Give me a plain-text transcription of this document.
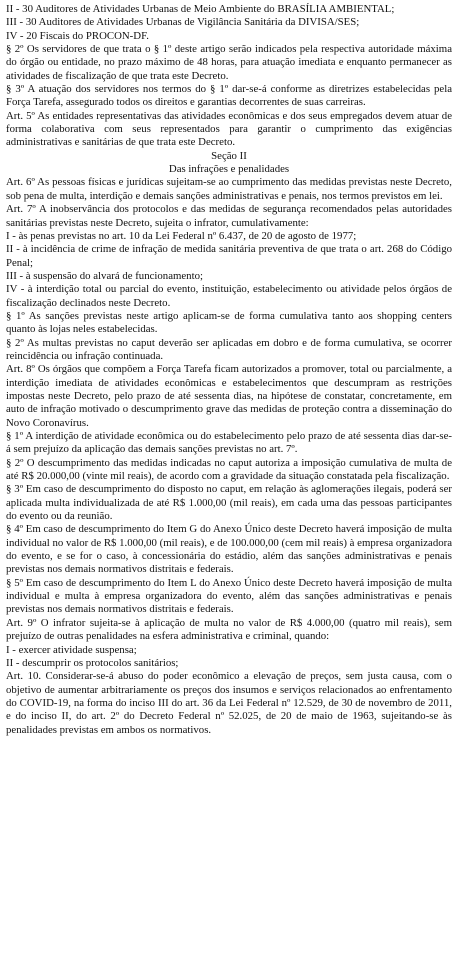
II - 30 Auditores de Atividades Urbanas de Meio Ambiente do BRASÍLIA AMBIENTAL;

III - 30 Auditores de Atividades Urbanas de Vigilância Sanitária da DIVISA/SES;

IV - 20 Fiscais do PROCON-DF.

§ 2º Os servidores de que trata o § 1º deste artigo serão indicados pela respectiva autoridade máxima do órgão ou entidade, no prazo máximo de 48 horas, para atuação imediata e enquanto permanecer as atividades de fiscalização de que trata este Decreto.

§ 3º A atuação dos servidores nos termos do § 1º dar-se-á conforme as diretrizes estabelecidas pela Força Tarefa, assegurado todos os direitos e garantias decorrentes de suas carreiras.

Art. 5º As entidades representativas das atividades econômicas e dos seus empregados devem atuar de forma colaborativa com seus representados para garantir o cumprimento das exigências administrativas e sanitárias de que trata este Decreto.

Seção II

Das infrações e penalidades

Art. 6º As pessoas físicas e jurídicas sujeitam-se ao cumprimento das medidas previstas neste Decreto, sob pena de multa, interdição e demais sanções administrativas e penais, nos termos previstos em lei.

Art. 7º A inobservância dos protocolos e das medidas de segurança recomendados pelas autoridades sanitárias previstas neste Decreto, sujeita o infrator, cumulativamente:

I - às penas previstas no art. 10 da Lei Federal nº 6.437, de 20 de agosto de 1977;

II - à incidência de crime de infração de medida sanitária preventiva de que trata o art. 268 do Código Penal;

III - à suspensão do alvará de funcionamento;

IV - à interdição total ou parcial do evento, instituição, estabelecimento ou atividade pelos órgãos de fiscalização declinados neste Decreto.

§ 1º As sanções previstas neste artigo aplicam-se de forma cumulativa tanto aos shopping centers quanto às lojas neles estabelecidas.

§ 2º As multas previstas no caput deverão ser aplicadas em dobro e de forma cumulativa, se ocorrer reincidência ou infração continuada.

Art. 8º Os órgãos que compõem a Força Tarefa ficam autorizados a promover, total ou parcialmente, a interdição imediata de atividades econômicas e estabelecimentos que descumpram as restrições impostas neste Decreto, pelo prazo de até sessenta dias, na hipótese de constatar, concretamente, em auto de infração motivado o descumprimento grave das medidas de proteção contra a disseminação do Novo Coronavírus.

§ 1º A interdição de atividade econômica ou do estabelecimento pelo prazo de até sessenta dias dar-se-á sem prejuízo da aplicação das demais sanções previstas no art. 7º.

§ 2º O descumprimento das medidas indicadas no caput autoriza a imposição cumulativa de multa de até R$ 20.000,00 (vinte mil reais), de acordo com a gravidade da situação constatada pela fiscalização.

§ 3º Em caso de descumprimento do disposto no caput, em relação às aglomerações ilegais, poderá ser aplicada multa individualizada de até R$ 1.000,00 (mil reais), em cada uma das pessoas participantes do evento ou da reunião.

§ 4º Em caso de descumprimento do Item G do Anexo Único deste Decreto haverá imposição de multa individual no valor de R$ 1.000,00 (mil reais), e de 100.000,00 (cem mil reais) à empresa organizadora do evento, e se for o caso, à concessionária do estádio, além das sanções administrativas e penais previstas nos demais normativos distritais e federais.

§ 5º Em caso de descumprimento do Item L do Anexo Único deste Decreto haverá imposição de multa individual e multa à empresa organizadora do evento, além das sanções administrativas e penais previstas nos demais normativos distritais e federais.

Art. 9º O infrator sujeita-se à aplicação de multa no valor de R$ 4.000,00 (quatro mil reais), sem prejuízo de outras penalidades na esfera administrativa e criminal, quando:

I - exercer atividade suspensa;

II - descumprir os protocolos sanitários;

Art. 10. Considerar-se-á abuso do poder econômico a elevação de preços, sem justa causa, com o objetivo de aumentar arbitrariamente os preços dos insumos e serviços relacionados ao enfrentamento do COVID-19, na forma do inciso III do art. 36 da Lei Federal nº 12.529, de 30 de novembro de 2011, e do inciso II, do art. 2º do Decreto Federal nº 52.025, de 20 de maio de 1963, sujeitando-se às penalidades previstas em ambos os normativos.
